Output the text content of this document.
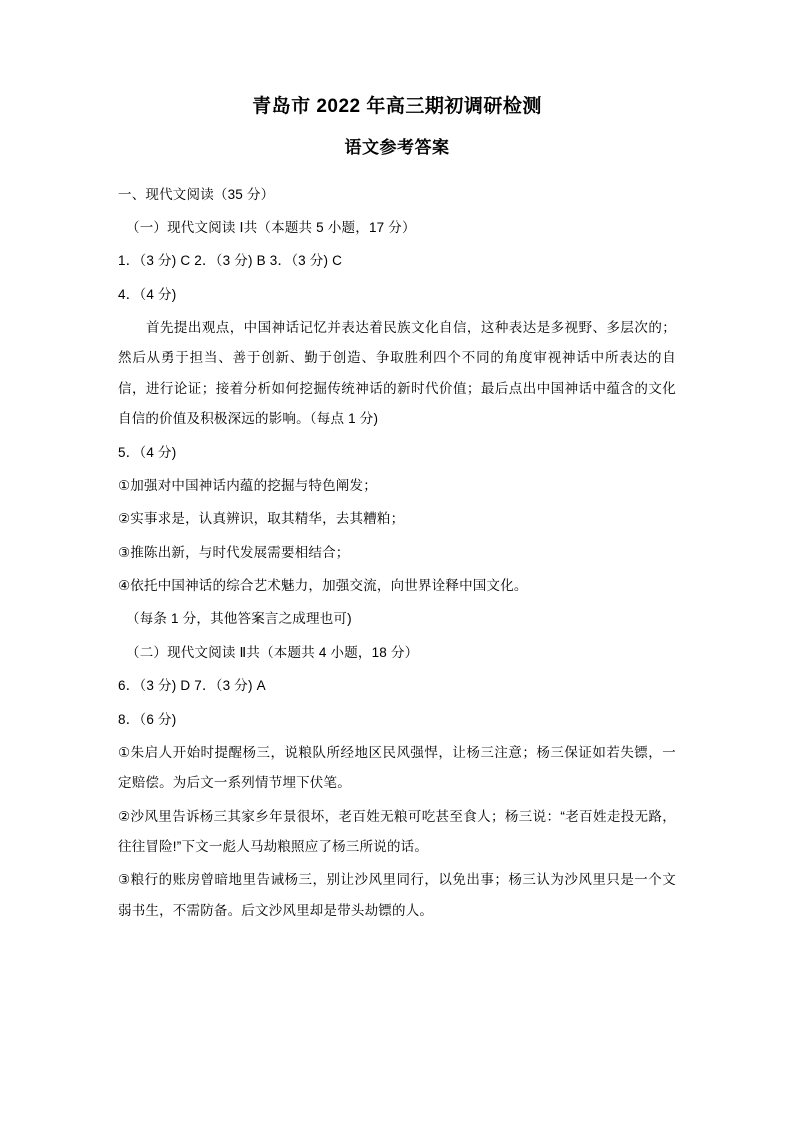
青岛市 2022 年高三期初调研检测
语文参考答案

一、现代文阅读（35 分）

（一）现代文阅读 Ⅰ共（本题共 5 小题，17 分）

1．（3 分) C 2．（3 分) B 3．（3 分) C

4．（4 分)

首先提出观点，中国神话记忆并表达着民族文化自信，这种表达是多视野、多层次的；然后从勇于担当、善于创新、勤于创造、争取胜利四个不同的角度审视神话中所表达的自信，进行论证；接着分析如何挖掘传统神话的新时代价值；最后点出中国神话中蕴含的文化自信的价值及积极深远的影响。（每点 1 分)

5．（4 分)

①加强对中国神话内蕴的挖掘与特色阐发；

②实事求是，认真辨识，取其精华，去其糟粕；

③推陈出新，与时代发展需要相结合；

④依托中国神话的综合艺术魅力，加强交流，向世界诠释中国文化。

（每条 1 分，其他答案言之成理也可)

（二）现代文阅读 Ⅱ共（本题共 4 小题，18 分）

6．（3 分) D 7．（3 分) A

8．（6 分)

①朱启人开始时提醒杨三，说粮队所经地区民风强悍，让杨三注意；杨三保证如若失镖，一定赔偿。为后文一系列情节埋下伏笔。

②沙风里告诉杨三其家乡年景很坏，老百姓无粮可吃甚至食人；杨三说：“老百姓走投无路，往往冒险!”下文一彪人马劫粮照应了杨三所说的话。

③粮行的账房曾暗地里告诫杨三，别让沙风里同行，以免出事；杨三认为沙风里只是一个文弱书生，不需防备。后文沙风里却是带头劫镖的人。
